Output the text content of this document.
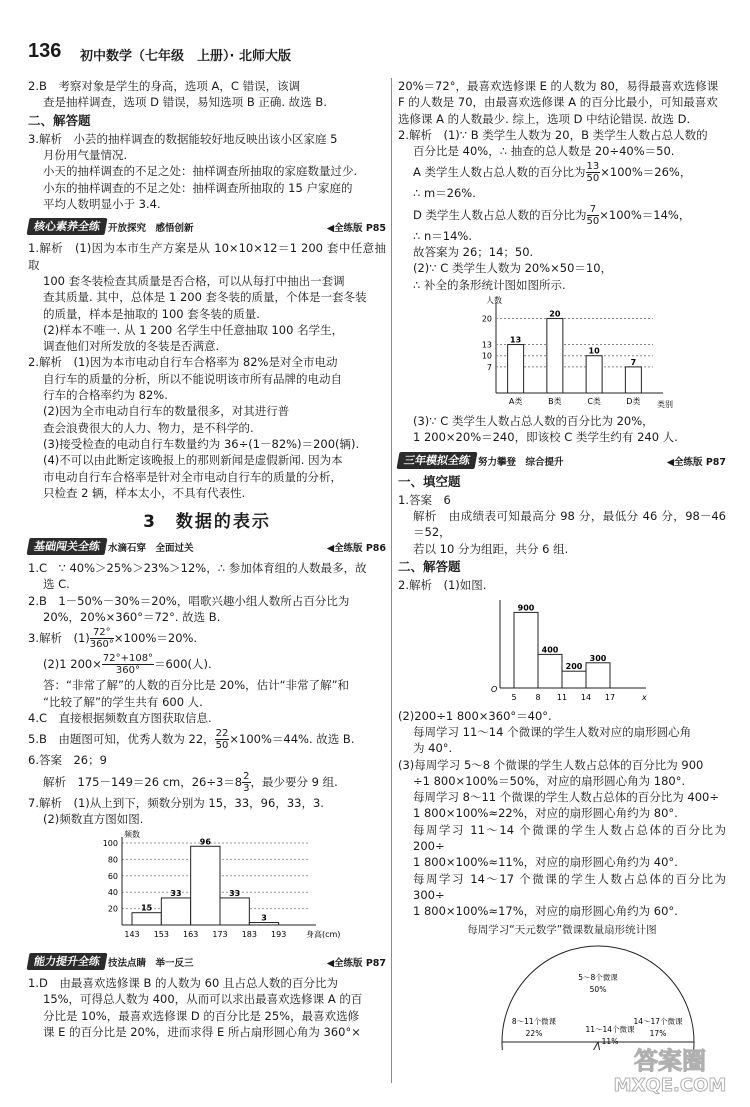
136 初中数学（七年级　上册）· 北师大版

2.B　考察对象是学生的身高，选项 A，C 错误，该调

查是抽样调查，选项 D 错误，易知选项 B 正确. 故选 B.

二、解答题

3.解析　小芸的抽样调查的数据能较好地反映出该小区家庭 5

月份用气量情况.

小天的抽样调查的不足之处：抽样调查所抽取的家庭数量过少.

小东的抽样调查的不足之处：抽样调查所抽取的 15 户家庭的

平均人数明显小于 3.4.

核心素养全练 开放探究　感悟创新	◀全练版 P85

1.解析　(1)因为本市生产方案是从 10×10×12＝1 200 套中任意抽取

100 套冬装检查其质量是否合格，可以从每打中抽出一套调

查其质量. 其中，总体是 1 200 套冬装的质量，个体是一套冬装

的质量，样本是抽取的 100 套冬装的质量.

(2)样本不唯一. 从 1 200 名学生中任意抽取 100 名学生，

调查他们对所发放的冬装是否满意.

2.解析　(1)因为本市电动自行车合格率为 82%是对全市电动

自行车的质量的分析，所以不能说明该市所有品牌的电动自

行车的合格率约为 82%.

(2)因为全市电动自行车的数量很多，对其进行普

查会浪费很大的人力、物力，是不科学的.

(3)接受检查的电动自行车数量约为 36÷(1－82%)＝200(辆).

(4)不可以由此断定该晚报上的那则新闻是虚假新闻. 因为本

市电动自行车合格率是针对全市电动自行车的质量的分析，

只检查 2 辆，样本太小，不具有代表性.

3　数据的表示
基础闯关全练 水滴石穿　全面过关	◀全练版 P86

1.C　∵ 40%＞25%＞23%＞12%，∴ 参加体育组的人数最多，故

选 C.

2.B　1－50%－30%＝20%，唱歌兴趣小组人数所占百分比为

20%，20%×360°＝72°. 故选 B.

3.解析　$(1) \frac{72^\circ}{360^\circ} \times 100\%=20\%$.

(2)1 $200\times \frac{72^\circ+108^\circ}{360^\circ} =600$(人).

答：“非常了解”的人数的百分比是 20%，估计“非常了解”和

“比较了解”的学生共有 600 人.

4.C　直接根据频数直方图获取信息.

5.B　由题图可知，优秀人数为 22， $\frac{22}{50} \times 100\%=44\%$. 故选 B.

6.答案　26；9

解析　175－149＝26 cm，$26\div 3=8 \frac{2}{3}$ ，最少要分 9 组.

7.解析　(1)从上到下，频数分别为 15，33，96，33，3.

(2)频数直方图如图.

20
40
60
80
100
频数
15
33
96
33
3
143 153 163 173 183 193 身高(cm)
能力提升全练 技法点睛　举一反三	◀全练版 P87

1.D　由最喜欢选修课 B 的人数为 60 且占总人数的百分比为

15%，可得总人数为 400，从而可以求出最喜欢选修课 A 的百

分比是 10%，最喜欢选修课 D 的百分比是 25%，最喜欢选修

课 E 的百分比是 20%，进而求得 E 所占扇形圆心角为 360°×

20%＝72°，最喜欢选修课 E 的人数为 80，易得最喜欢选修课

F 的人数是 70，由最喜欢选修课 A 的百分比最小，可知最喜欢

选修课 A 的人数最少. 综上，选项 D 中结论错误. 故选 D.

2.解析　(1)∵ B 类学生人数为 20，B 类学生人数占总人数的

百分比是 40%，∴ 抽查的总人数是 20÷40%＝50.

A 类学生人数占总人数的百分比为 $\frac{13}{50} \times 100\%=26\%$，

∴ m＝26%.

D 类学生人数占总人数的百分比为 $\frac{7}{50} \times 100\%=14\%$，

∴ n＝14%.

故答案为 26；14；50.

(2)∵ C 类学生人数为 20%×50＝10，

∴ 补全的条形统计图如图所示.

人数
类别
7
10
13
20
13
A类
20
B类
10
C类
7
D类

(3)∵ C 类学生人数占总人数的百分比为 20%，

1 200×20%＝240，即该校 C 类学生约有 240 人.

三年模拟全练 努力攀登　综合提升	◀全练版 P87

一、填空题

1.答案　6

解析　由成绩表可知最高分 98 分，最低分 46 分，98－46＝52，

若以 10 分为组距，共分 6 组.

二、解答题

2.解析　(1)如图.

O
x
900
400
200
300
5 8 11 14 17

(2)200÷1 800×360°＝40°.

每周学习 11～14 个微课的学生人数对应的扇形圆心角

为 40°.

(3)每周学习 5～8 个微课的学生人数占总体的百分比为 900

÷1 800×100%＝50%，对应的扇形圆心角为 180°.

每周学习 8～11 个微课的学生人数占总体的百分比为 400÷

1 800×100%≈22%，对应的扇形圆心角约为 80°.

每周学习 11～14 个微课的学生人数占总体的百分比为 200÷

1 800×100%≈11%，对应的扇形圆心角约为 40°.

每周学习 14～17 个微课的学生人数占总体的百分比为 300÷

1 800×100%≈17%，对应的扇形圆心角约为 60°.

每周学习“天元数学”微课数量扇形统计图

5～8个微课
50%
8～11个微课
22%	11～14个微课
11%
14～17个微课
17%
答案圈
MXQE.COM
